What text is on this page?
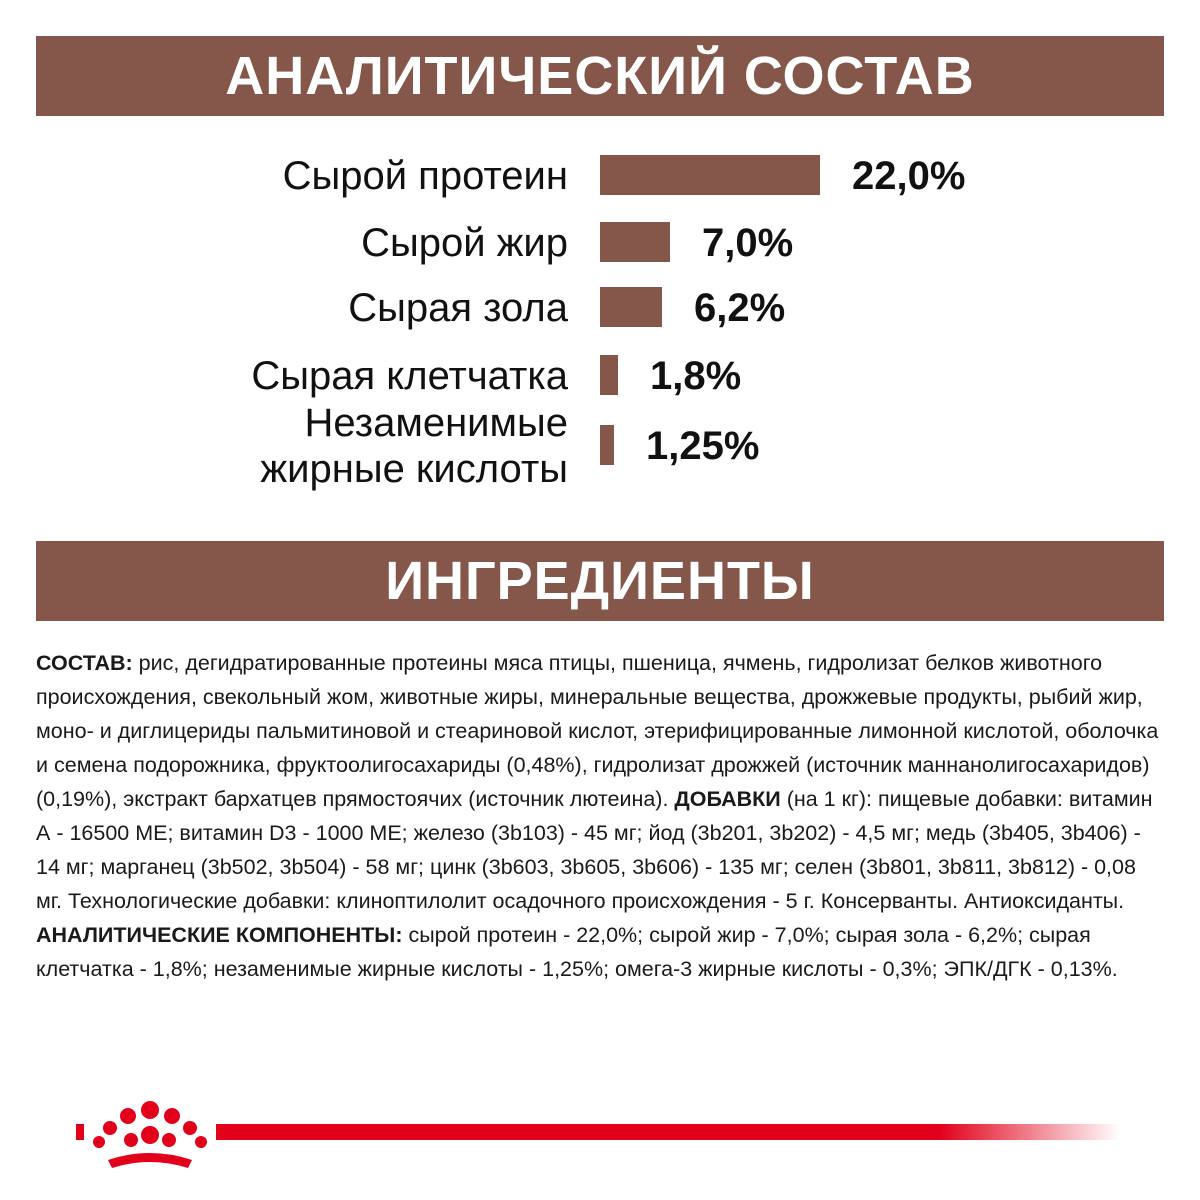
АНАЛИТИЧЕСКИЙ СОСТАВ
22,0%
Сырой протеин
7,0%
Сырой жир
6,2%
Сырая зола
1,8%
Сырая клетчатка
1,25%
Незаменимые
жирные кислоты
ИНГРЕДИЕНТЫ
СОСТАВ: рис, дегидратированные протеины мяса птицы, пшеница, ячмень, гидролизат белков животного происхождения, свекольный жом, животные жиры, минеральные вещества, дрожжевые продукты, рыбий жир, моно- и диглицериды пальмитиновой и стеариновой кислот, этерифицированные лимонной кислотой, оболочка и семена подорожника, фруктоолигосахариды (0,48%), гидролизат дрожжей (источник маннанолигосахаридов) (0,19%), экстракт бархатцев прямостоячих (источник лютеина). ДОБАВКИ (на 1 кг): пищевые добавки: витамин А - 16500 МЕ; витамин D3 - 1000 МЕ; железо (3b103) - 45 мг; йод (3b201, 3b202) - 4,5 мг; медь (3b405, 3b406) - 14 мг; марганец (3b502, 3b504) - 58 мг; цинк (3b603, 3b605, 3b606) - 135 мг; селен (3b801, 3b811, 3b812) - 0,08 мг. Технологические добавки: клиноптилолит осадочного происхождения - 5 г. Консерванты. Антиоксиданты. АНАЛИТИЧЕСКИЕ КОМПОНЕНТЫ: сырой протеин - 22,0%; сырой жир - 7,0%; сырая зола - 6,2%; сырая клетчатка - 1,8%; незаменимые жирные кислоты - 1,25%; омега-3 жирные кислоты - 0,3%; ЭПК/ДГК - 0,13%.
